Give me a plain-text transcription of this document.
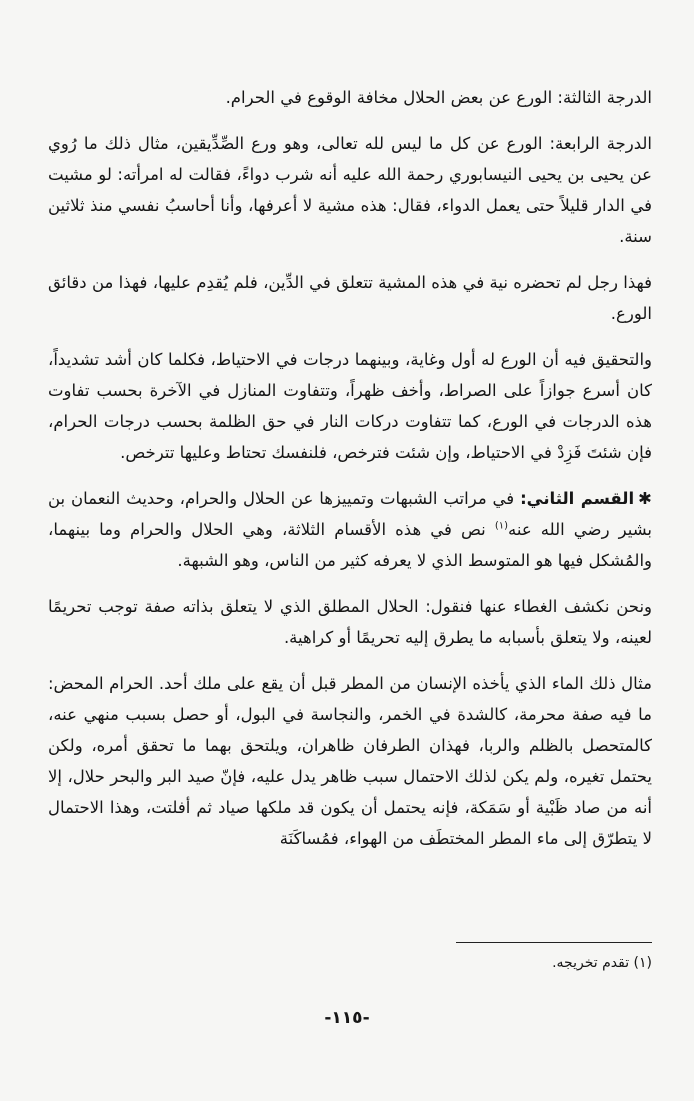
الدرجة الثالثة: الورع عن بعض الحلال مخافة الوقوع في الحرام.

الدرجة الرابعة: الورع عن كل ما ليس لله تعالى، وهو ورع الصِّدِّيقين، مثال ذلك ما رُوي عن يحيى بن يحيى النيسابوري رحمة الله عليه أنه شرب دواءً، فقالت له امرأته: لو مشيت في الدار قليلاً حتى يعمل الدواء، فقال: هذه مشية لا أعرفها، وأنا أحاسبُ نفسي منذ ثلاثين سنة.

فهذا رجل لم تحضره نية في هذه المشية تتعلق في الدِّين، فلم يُقدِم عليها، فهذا من دقائق الورع.

والتحقيق فيه أن الورع له أول وغاية، وبينهما درجات في الاحتياط، فكلما كان أشد تشديداً، كان أسرع جوازاً على الصراط، وأخف ظهراً، وتتفاوت المنازل في الآخرة بحسب تفاوت هذه الدرجات في الورع، كما تتفاوت دركات النار في حق الظلمة بحسب درجات الحرام، فإن شئتَ فَزِدْ في الاحتياط، وإن شئت فترخص، فلنفسك تحتاط وعليها تترخص.

✱القسم الثاني: في مراتب الشبهات وتمييزها عن الحلال والحرام، وحديث النعمان بن بشير رضي الله عنه$^{(١)}$ نص في هذه الأقسام الثلاثة، وهي الحلال والحرام وما بينهما، والمُشكل فيها هو المتوسط الذي لا يعرفه كثير من الناس، وهو الشبهة.

ونحن نكشف الغطاء عنها فنقول: الحلال المطلق الذي لا يتعلق بذاته صفة توجب تحريمًا لعينه، ولا يتعلق بأسبابه ما يطرق إليه تحريمًا أو كراهية.

مثال ذلك الماء الذي يأخذه الإنسان من المطر قبل أن يقع على ملك أحد. الحرام المحض: ما فيه صفة محرمة، كالشدة في الخمر، والنجاسة في البول، أو حصل بسبب منهي عنه، كالمتحصل بالظلم والربا، فهذان الطرفان ظاهران، ويلتحق بهما ما تحقق أمره، ولكن يحتمل تغيره، ولم يكن لذلك الاحتمال سبب ظاهر يدل عليه، فإنّ صيد البر والبحر حلال، إلا أنه من صاد ظَبْية أو سَمَكة، فإنه يحتمل أن يكون قد ملكها صياد ثم أفلتت، وهذا الاحتمال لا يتطرّق إلى ماء المطر المختطَف من الهواء، فمُساكَنَة

(١) تقدم تخريجه.
-١١٥-
